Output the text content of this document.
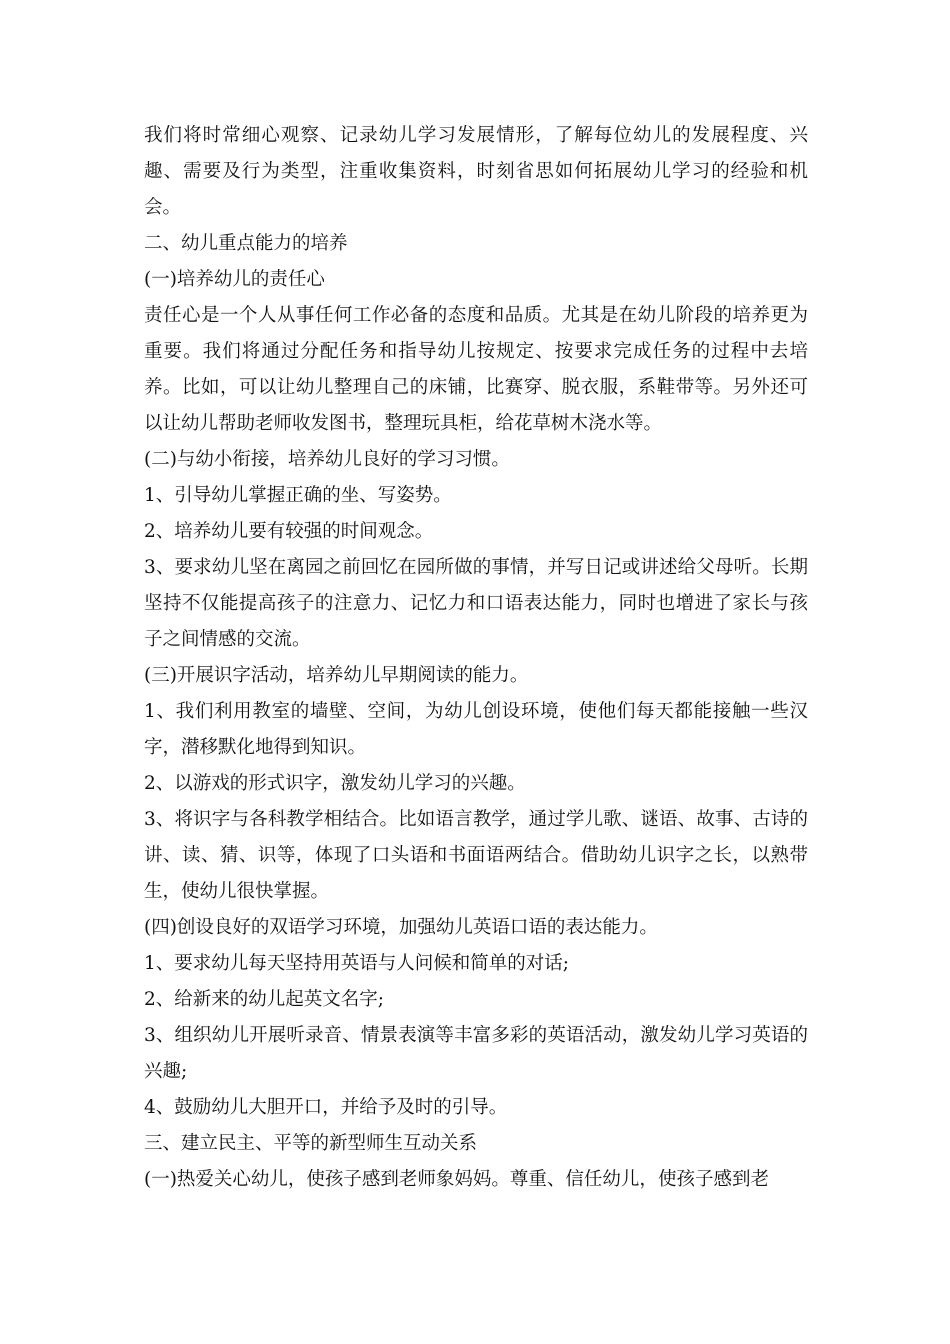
我们将时常细心观察、记录幼儿学习发展情形，了解每位幼儿的发展程度、兴趣、需要及行为类型，注重收集资料，时刻省思如何拓展幼儿学习的经验和机会。

二、幼儿重点能力的培养

(一)培养幼儿的责任心

责任心是一个人从事任何工作必备的态度和品质。尤其是在幼儿阶段的培养更为重要。我们将通过分配任务和指导幼儿按规定、按要求完成任务的过程中去培养。比如，可以让幼儿整理自己的床铺，比赛穿、脱衣服，系鞋带等。另外还可以让幼儿帮助老师收发图书，整理玩具柜，给花草树木浇水等。

(二)与幼小衔接，培养幼儿良好的学习习惯。

1、引导幼儿掌握正确的坐、写姿势。

2、培养幼儿要有较强的时间观念。

3、要求幼儿坚在离园之前回忆在园所做的事情，并写日记或讲述给父母听。长期坚持不仅能提高孩子的注意力、记忆力和口语表达能力，同时也增进了家长与孩子之间情感的交流。

(三)开展识字活动，培养幼儿早期阅读的能力。

1、我们利用教室的墙壁、空间，为幼儿创设环境，使他们每天都能接触一些汉字，潜移默化地得到知识。

2、以游戏的形式识字，激发幼儿学习的兴趣。

3、将识字与各科教学相结合。比如语言教学，通过学儿歌、谜语、故事、古诗的讲、读、猜、识等，体现了口头语和书面语两结合。借助幼儿识字之长，以熟带生，使幼儿很快掌握。

(四)创设良好的双语学习环境，加强幼儿英语口语的表达能力。

1、要求幼儿每天坚持用英语与人问候和简单的对话;

2、给新来的幼儿起英文名字;

3、组织幼儿开展听录音、情景表演等丰富多彩的英语活动，激发幼儿学习英语的兴趣;

4、鼓励幼儿大胆开口，并给予及时的引导。

三、建立民主、平等的新型师生互动关系

(一)热爱关心幼儿，使孩子感到老师象妈妈。尊重、信任幼儿，使孩子感到老
